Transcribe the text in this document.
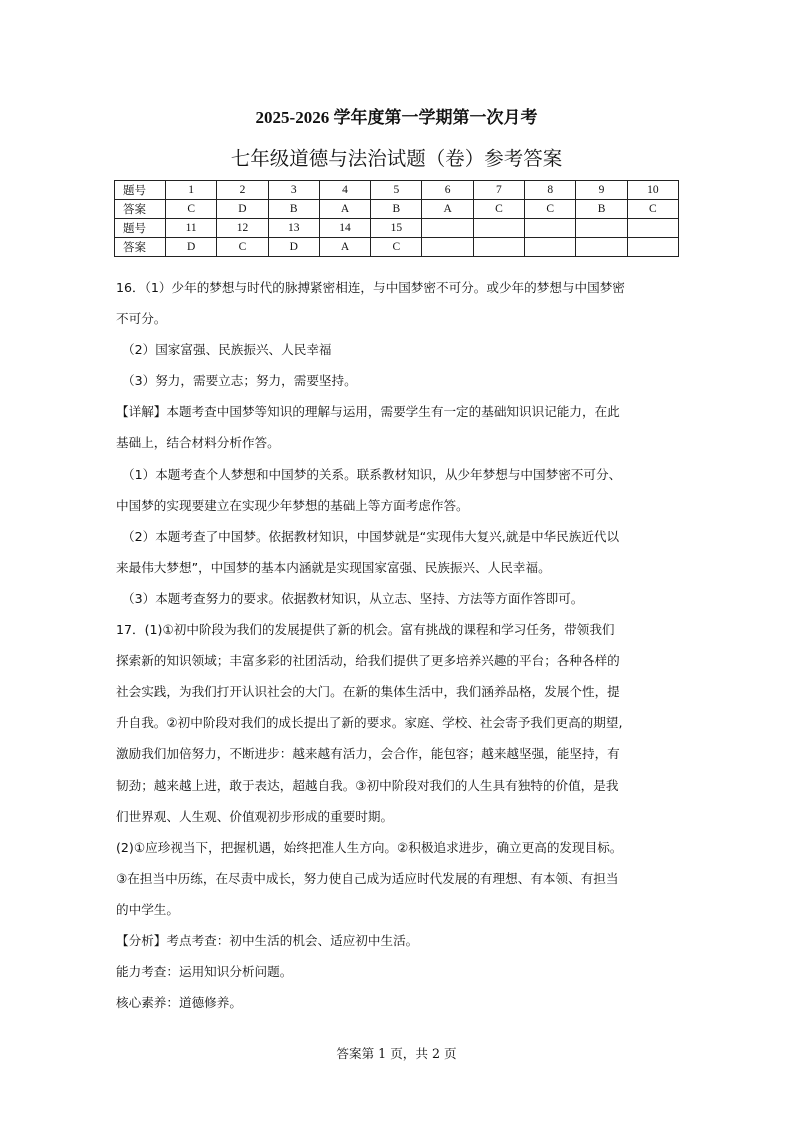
2025-2026 学年度第一学期第一次月考
七年级道德与法治试题（卷）参考答案
题号	1	2	3	4	5	6	7	8	9	10
答案	C	D	B	A	B	A	C	C	B	C
题号	11	12	13	14	15					
答案	D	C	D	A	C					

16．（1）少年的梦想与时代的脉搏紧密相连，与中国梦密不可分。或少年的梦想与中国梦密

不可分。

（2）国家富强、民族振兴、人民幸福

（3）努力，需要立志；努力，需要坚持。

【详解】本题考查中国梦等知识的理解与运用，需要学生有一定的基础知识识记能力，在此

基础上，结合材料分析作答。

（1）本题考查个人梦想和中国梦的关系。联系教材知识，从少年梦想与中国梦密不可分、

中国梦的实现要建立在实现少年梦想的基础上等方面考虑作答。

（2）本题考查了中国梦。依据教材知识，中国梦就是“实现伟大复兴,就是中华民族近代以

来最伟大梦想”，中国梦的基本内涵就是实现国家富强、民族振兴、人民幸福。

（3）本题考查努力的要求。依据教材知识，从立志、坚持、方法等方面作答即可。

17．(1)①初中阶段为我们的发展提供了新的机会。富有挑战的课程和学习任务，带领我们

探索新的知识领域；丰富多彩的社团活动，给我们提供了更多培养兴趣的平台；各种各样的

社会实践，为我们打开认识社会的大门。在新的集体生活中，我们涵养品格，发展个性，提

升自我。②初中阶段对我们的成长提出了新的要求。家庭、学校、社会寄予我们更高的期望,

激励我们加倍努力，不断进步：越来越有活力，会合作，能包容；越来越坚强，能坚持，有

韧劲；越来越上进，敢于表达，超越自我。③初中阶段对我们的人生具有独特的价值，是我

们世界观、人生观、价值观初步形成的重要时期。

(2)①应珍视当下，把握机遇，始终把准人生方向。②积极追求进步，确立更高的发现目标。

③在担当中历练，在尽责中成长，努力使自己成为适应时代发展的有理想、有本领、有担当

的中学生。

【分析】考点考查：初中生活的机会、适应初中生活。

能力考查：运用知识分析问题。

核心素养：道德修养。

答案第 1 页，共 2 页
